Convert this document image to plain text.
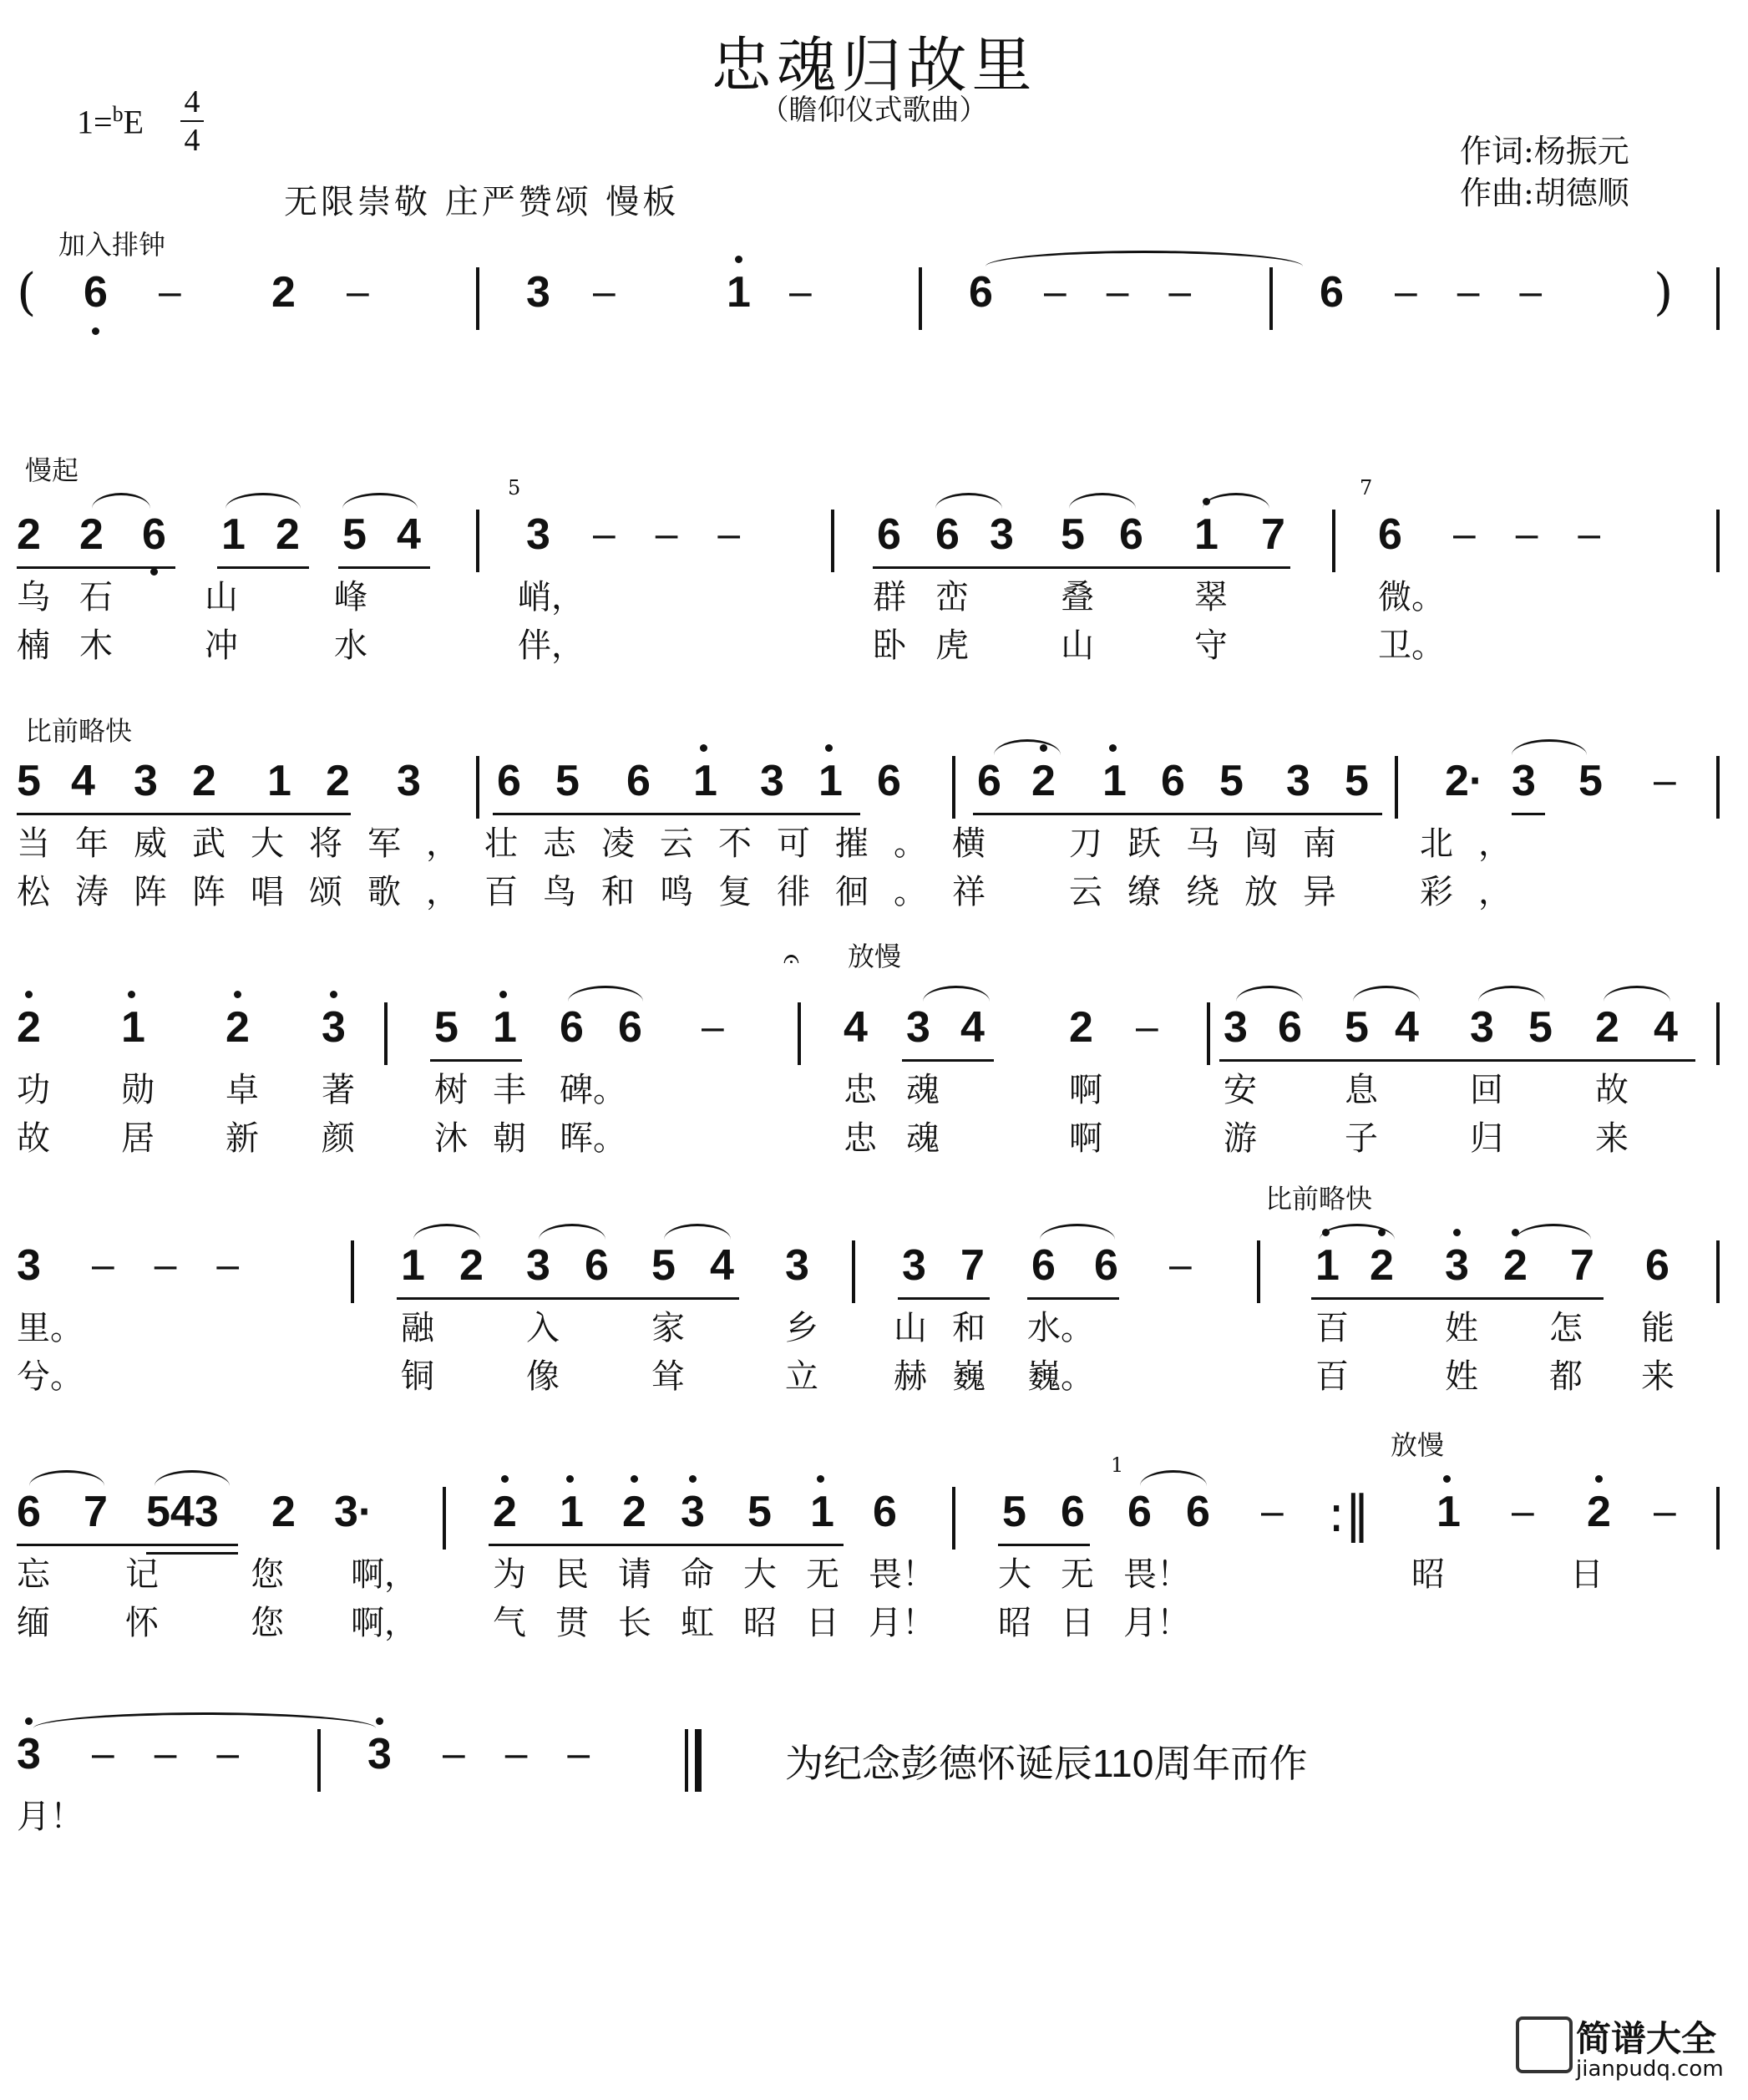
忠魂归故里
（瞻仰仪式歌曲）
1=$^b$E
4
4	作词:杨振元
作曲:胡德顺
无限崇敬 庄严赞颂 慢板
加入排钟
( 6 – 2 –	3 –	1 –	6 –　–　–	6 –　–　– )
慢起
2 2 6 1 2 5 4
5
3 –　–　–	6 6 3 5 6 1 7
7
6 –　–　–
乌 石	山	峰	峭，	群 峦	叠	翠	微。
楠 木	冲	水	伴，	卧 虎	山	守	卫。
比前略快
5 4 3 2 1 2 3 6 5 6 1 3 1 6 6 2 1 6 5 3 5 2· 3 5 –
当年威武大将军，壮志凌云不可摧。横　刀跃马闯南　北，
松涛阵阵唱颂歌，百鸟和鸣复徘徊。祥　云缭绕放异　彩，
放慢
𝄐
2 1 2 3 5 1 6 6 –	4 3 4 2 – 3 6 5 4 3 5 2 4
功 勋 卓 著 树 丰 碑。	忠 魂	啊	安	息	回	故
故 居 新 颜 沐 朝 晖。	忠 魂	啊	游	子	归	来
比前略快
3 –　–　–	1 2 3 6 5 4 3 3 7 6 6 –	1 2 3 2 7 6
里。	融	入	家	乡 山 和 水。	百	姓 怎 能
兮。	铜	像	耸	立 赫 巍 巍。	百	姓 都 来
放慢
6 7 543 2 3·	2 1 2 3 5 1 6 5 6
1
6 6 – :‖ 1 – 2 –
忘 记	您 啊， 为 民 请 命 大 无 畏！ 大 无 畏！	昭	日
缅 怀	您 啊， 气 贯 长 虹 昭 日 月！ 昭 日 月！
3 –　–　–	3 –　–　–
月！
为纪念彭德怀诞辰110周年而作
简谱大全
jianpudq.com
